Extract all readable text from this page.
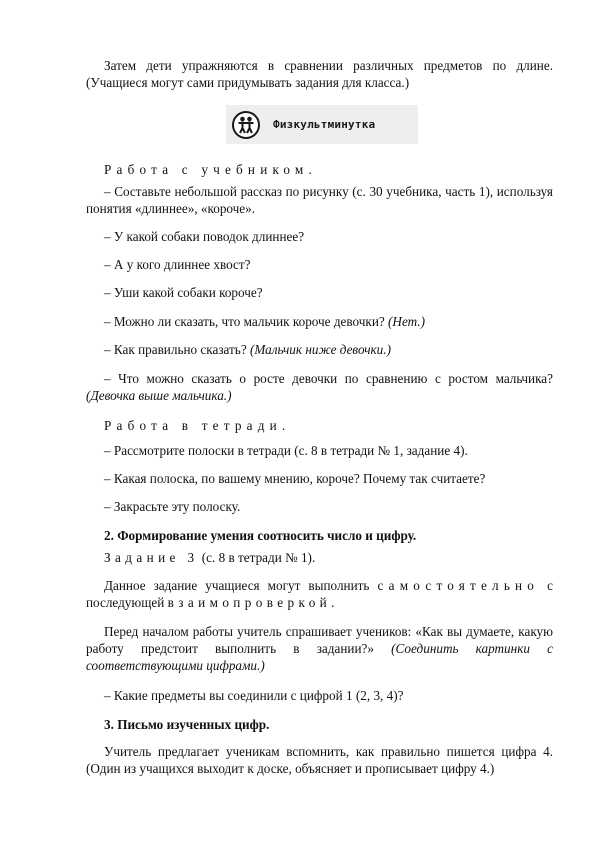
Затем дети упражняются в сравнении различных предметов по длине. (Учащиеся могут сами придумывать задания для класса.)

Физкультминутка

Работа с учебником.

– Составьте небольшой рассказ по рисунку (с. 30 учебника, часть 1), используя понятия «длиннее», «короче».

– У какой собаки поводок длиннее?

– А у кого длиннее хвост?

– Уши какой собаки короче?

– Можно ли сказать, что мальчик короче девочки? (Нет.)

– Как правильно сказать? (Мальчик ниже девочки.)

– Что можно сказать о росте девочки по сравнению с ростом мальчика? (Девочка выше мальчика.)

Работа в тетради.

– Рассмотрите полоски в тетради (с. 8 в тетради № 1, задание 4).

– Какая полоска, по вашему мнению, короче? Почему так считаете?

– Закрасьте эту полоску.

2. Формирование умения соотносить число и цифру.

Задание 3 (с. 8 в тетради № 1).

Данное задание учащиеся могут выполнить самостоятельно с последующей взаимопроверкой.

Перед началом работы учитель спрашивает учеников: «Как вы думаете, какую работу предстоит выполнить в задании?» (Соединить картинки с соответствующими цифрами.)

– Какие предметы вы соединили с цифрой 1 (2, 3, 4)?

3. Письмо изученных цифр.

Учитель предлагает ученикам вспомнить, как правильно пишется цифра 4. (Один из учащихся выходит к доске, объясняет и прописывает цифру 4.)
